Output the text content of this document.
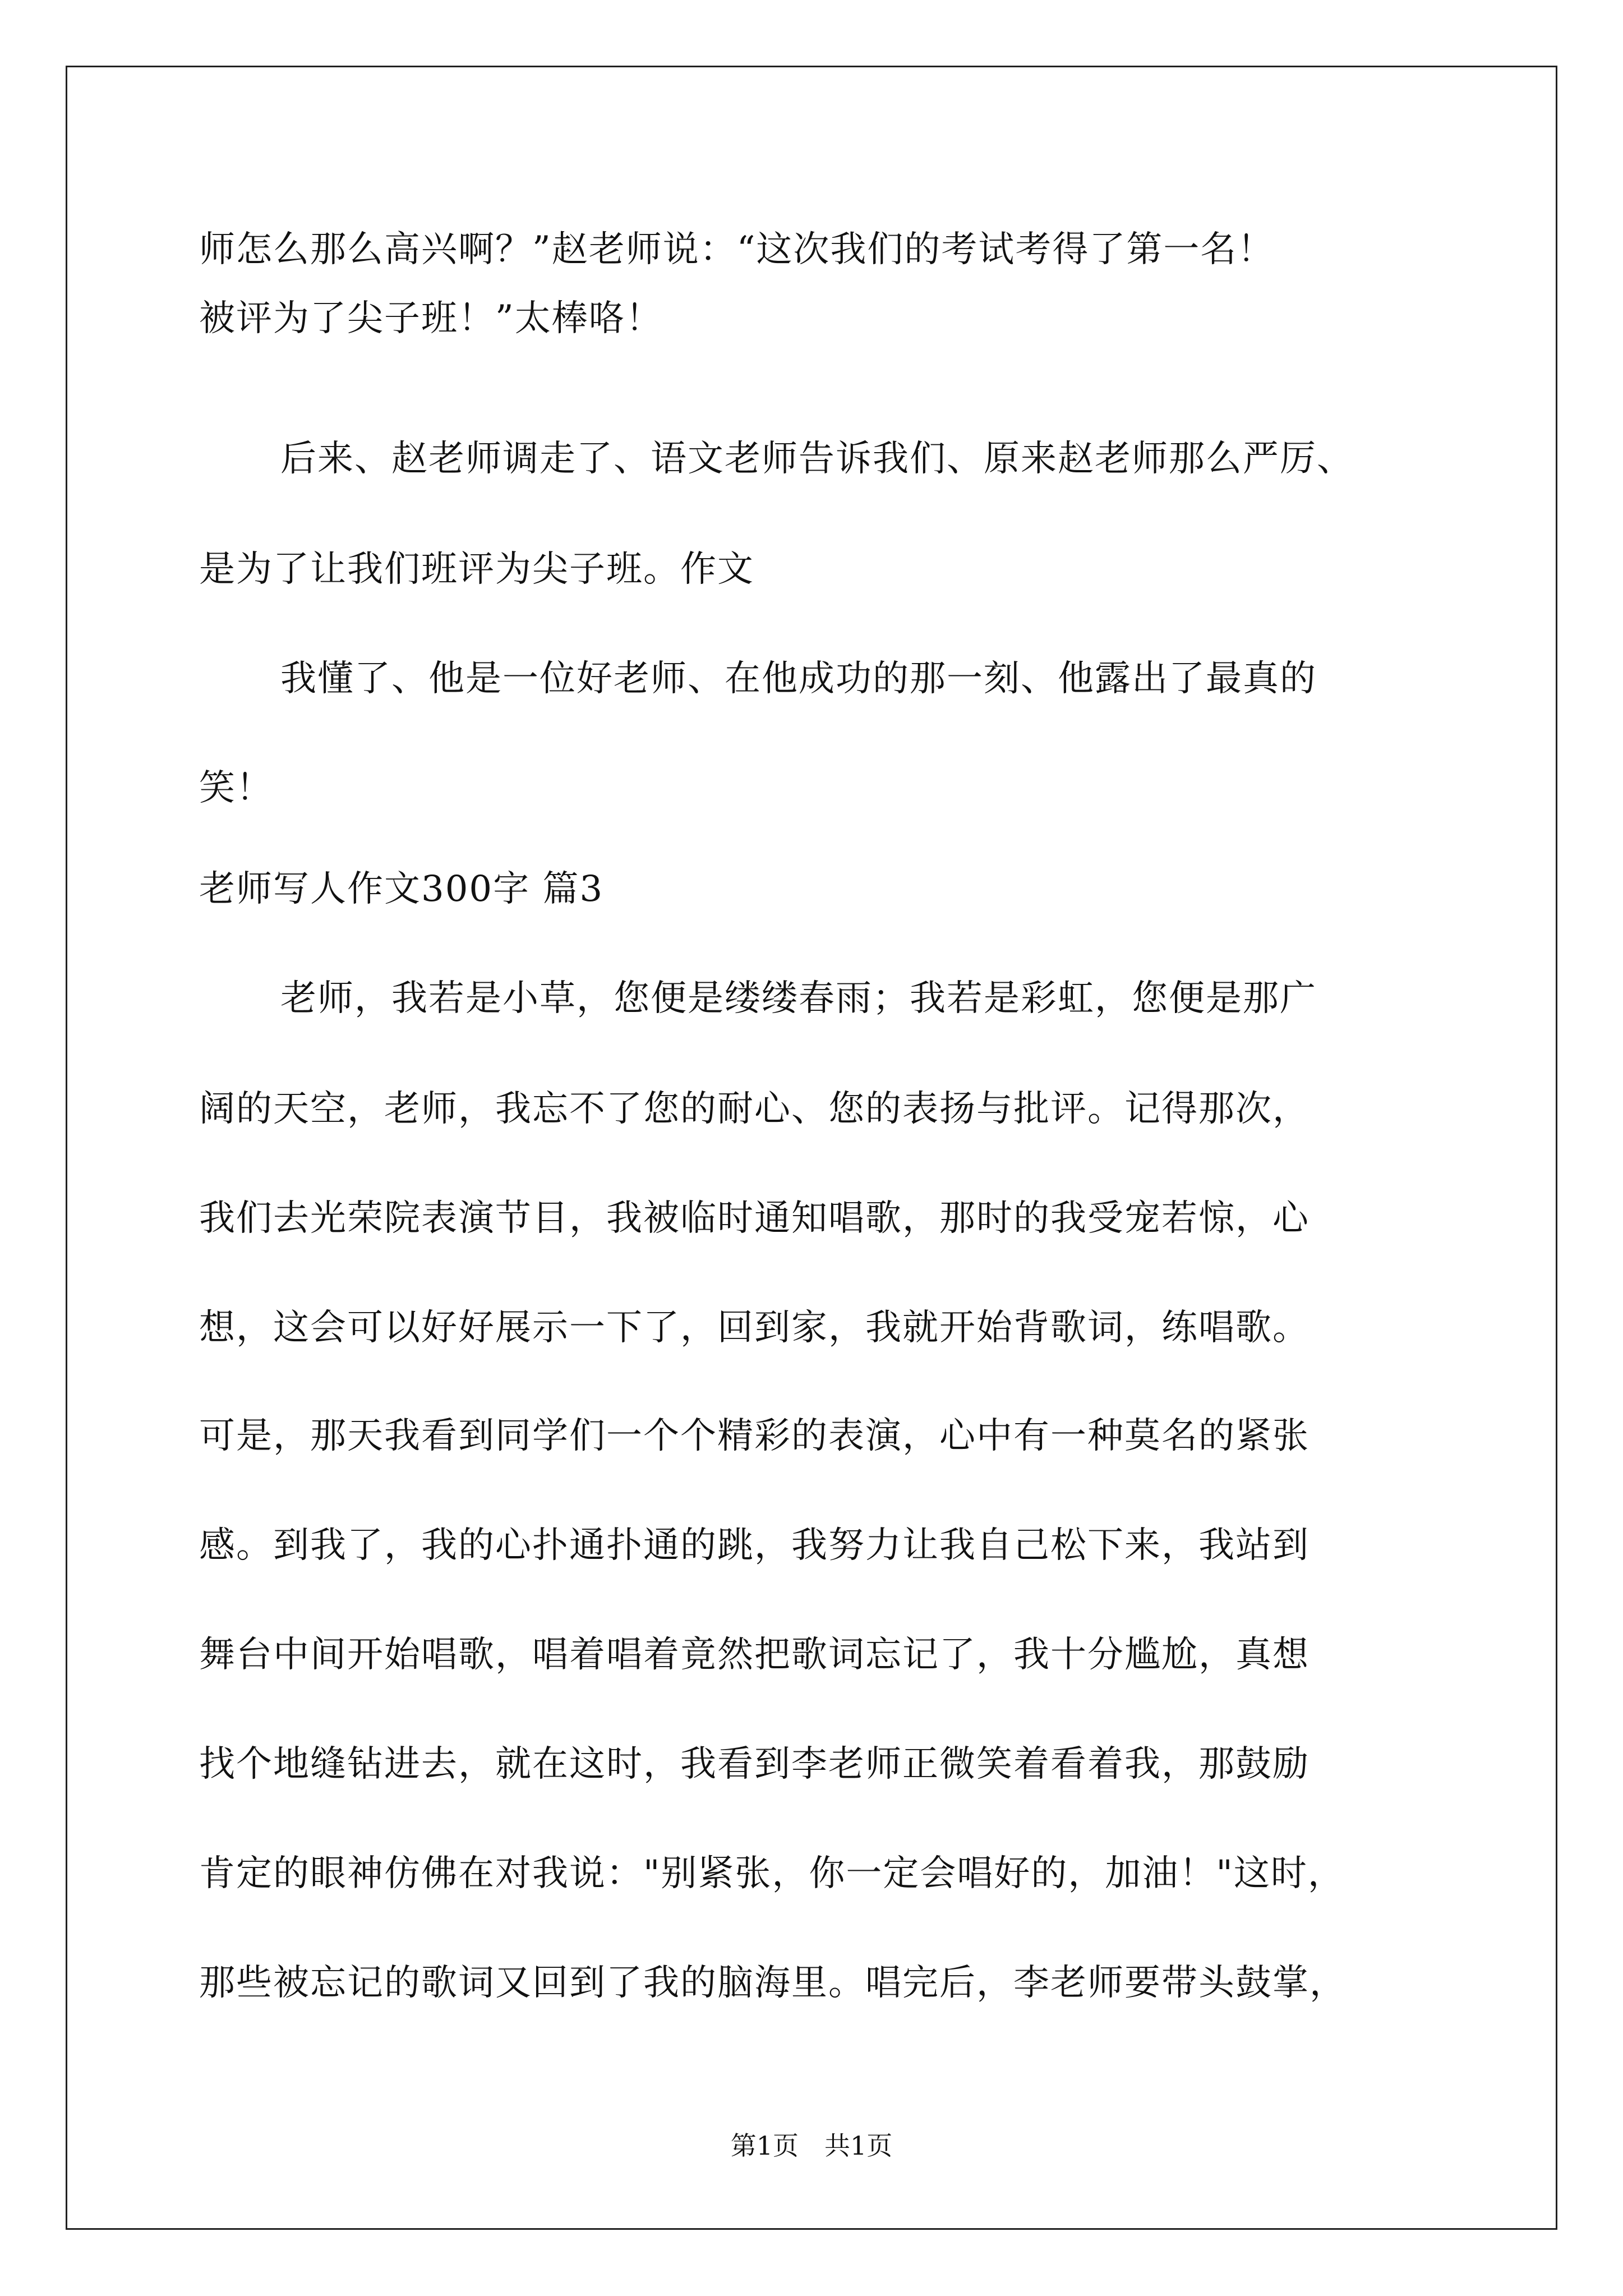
师怎么那么高兴啊？”赵老师说：“这次我们的考试考得了第一名！
被评为了尖子班！”太棒咯！
后来、赵老师调走了、语文老师告诉我们、原来赵老师那么严厉、
是为了让我们班评为尖子班。作文
我懂了、他是一位好老师、在他成功的那一刻、他露出了最真的
笑！
老师写人作文300字 篇3
老师，我若是小草，您便是缕缕春雨；我若是彩虹，您便是那广
阔的天空，老师，我忘不了您的耐心、您的表扬与批评。记得那次，
我们去光荣院表演节目，我被临时通知唱歌，那时的我受宠若惊，心
想，这会可以好好展示一下了，回到家，我就开始背歌词，练唱歌。
可是，那天我看到同学们一个个精彩的表演，心中有一种莫名的紧张
感。到我了，我的心扑通扑通的跳，我努力让我自己松下来，我站到
舞台中间开始唱歌，唱着唱着竟然把歌词忘记了，我十分尴尬，真想
找个地缝钻进去，就在这时，我看到李老师正微笑着看着我，那鼓励
肯定的眼神仿佛在对我说："别紧张，你一定会唱好的，加油！"这时，
那些被忘记的歌词又回到了我的脑海里。唱完后，李老师要带头鼓掌，
第1页　共1页
